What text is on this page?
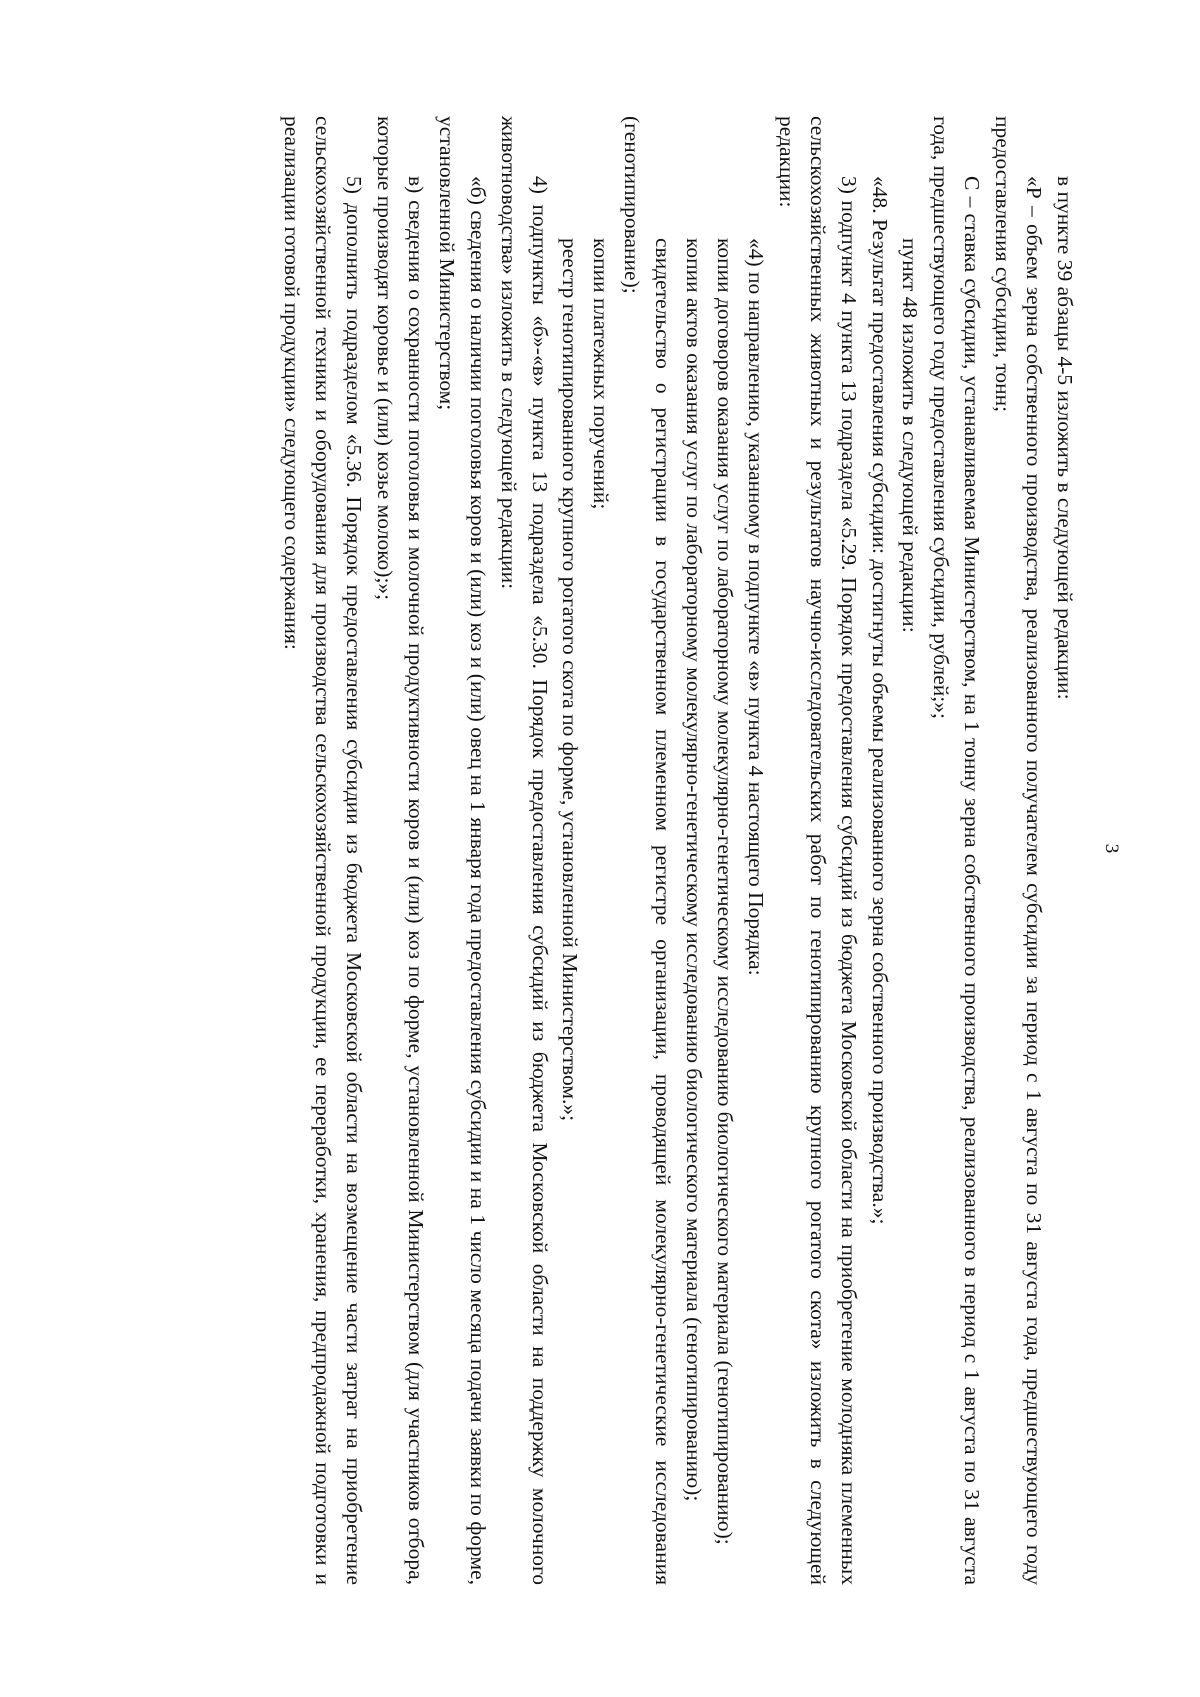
3

в пункте 39 абзацы 4-5 изложить в следующей редакции:

«Р – объем зерна собственного производства, реализованного получателем субсидии за период с 1 августа по 31 августа года, предшествующего году предоставления субсидии, тонн;

С – ставка субсидии, устанавливаемая Министерством, на 1 тонну зерна собственного производства, реализованного в период с 1 августа по 31 августа года, предшествующего году предоставления субсидии, рублей;»;

пункт 48 изложить в следующей редакции:

«48. Результат предоставления субсидии: достигнуты объемы реализованного зерна собственного производства.»;

3) подпункт 4 пункта 13 подраздела «5.29. Порядок предоставления субсидий из бюджета Московской области на приобретение молодняка племенных сельскохозяйственных животных и результатов научно-исследовательских работ по генотипированию крупного рогатого скота» изложить в следующей редакции:

«4) по направлению, указанному в подпункте «в» пункта 4 настоящего Порядка:

копии договоров оказания услуг по лабораторному молекулярно-генетическому исследованию биологического материала (генотипированию);

копии актов оказания услуг по лабораторному молекулярно-генетическому исследованию биологического материала (генотипированию);

свидетельство о регистрации в государственном племенном регистре организации, проводящей молекулярно-генетические исследования (генотипирование);

копии платежных поручений;

реестр генотипированного крупного рогатого скота по форме, установленной Министерством.»;

4) подпункты «б»-«в» пункта 13 подраздела «5.30. Порядок предоставления субсидий из бюджета Московской области на поддержку молочного животноводства» изложить в следующей редакции:

«б) сведения о наличии поголовья коров и (или) коз и (или) овец на 1 января года предоставления субсидии и на 1 число месяца подачи заявки по форме, установленной Министерством;

в) сведения о сохранности поголовья и молочной продуктивности коров и (или) коз по форме, установленной Министерством (для участников отбора, которые производят коровье и (или) козье молоко);»;

5) дополнить подразделом «5.36. Порядок предоставления субсидии из бюджета Московской области на возмещение части затрат на приобретение сельскохозяйственной техники и оборудования для производства сельскохозяйственной продукции, ее переработки, хранения, предпродажной подготовки и реализации готовой продукции» следующего содержания:
